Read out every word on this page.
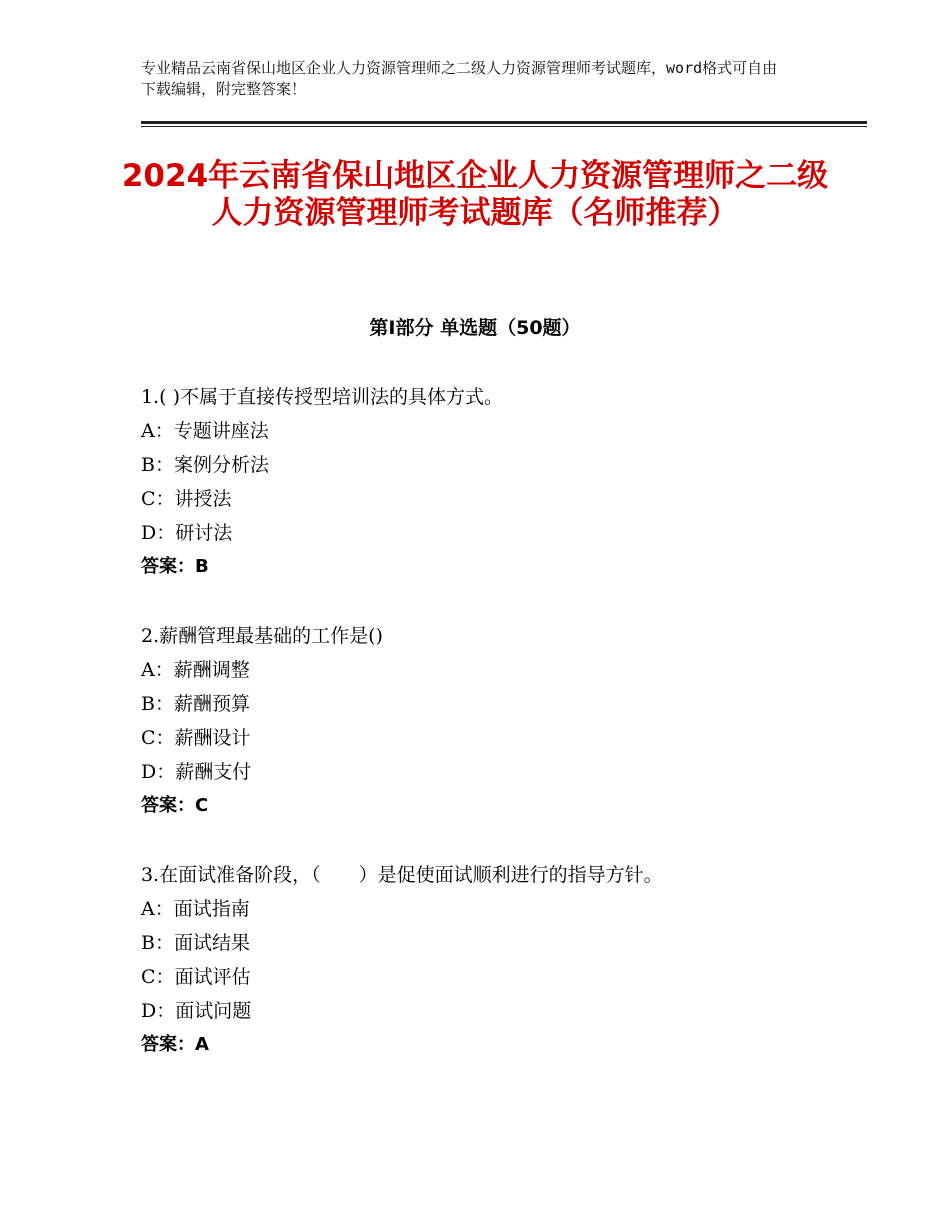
专业精品云南省保山地区企业人力资源管理师之二级人力资源管理师考试题库，word格式可自由下载编辑，附完整答案！
2024年云南省保山地区企业人力资源管理师之二级人力资源管理师考试题库（名师推荐）
第Ⅰ部分 单选题（50题）
1.( )不属于直接传授型培训法的具体方式。
A：专题讲座法
B：案例分析法
C：讲授法
D：研讨法
答案：B
2.薪酬管理最基础的工作是()
A：薪酬调整
B：薪酬预算
C：薪酬设计
D：薪酬支付
答案：C
3.在面试准备阶段，（　　）是促使面试顺利进行的指导方针。
A：面试指南
B：面试结果
C：面试评估
D：面试问题
答案：A
